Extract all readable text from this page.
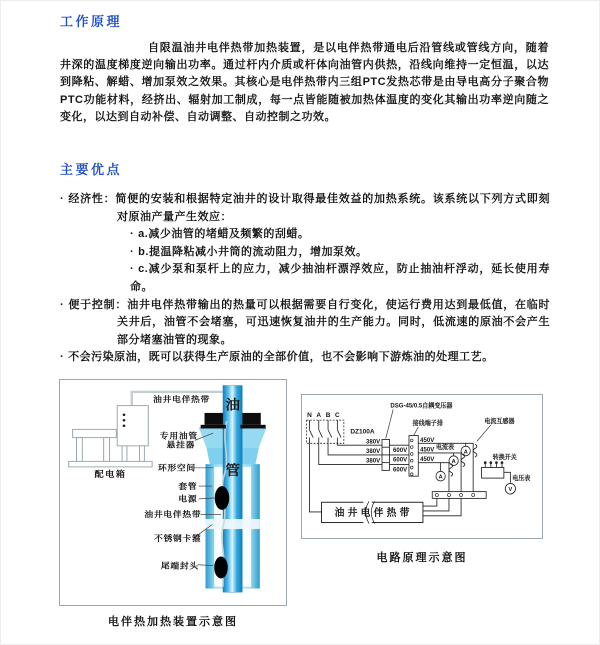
工作原理
自限温油井电伴热带加热装置，是以电伴热带通电后沿管线或管线方向，随着井深的温度梯度逆向输出功率。通过杆内介质或杆体向油管内供热，沿线向维持一定恒温，以达到降粘、解蜡、增加泵效之效果。其核心是电伴热带内三组PTC发热芯带是由导电高分子聚合物PTC功能材料，经挤出、辐射加工制成，每一点皆能随被加热体温度的变化其输出功率逆向随之变化，以达到自动补偿、自动调整、自动控制之功效。
主要优点
· 经济性：简便的安装和根据特定油井的设计取得最佳效益的加热系统。该系统以下列方式即刻对原油产量产生效应：
· a.减少油管的堵蜡及频繁的刮蜡。
· b.提温降粘减小井筒的流动阻力，增加泵效。
· c.减少泵和泵杆上的应力，减少抽油杆漂浮效应，防止抽油杆浮动，延长使用寿命。
· 便于控制：油井电伴热带输出的热量可以根据需要自行变化，使运行费用达到最低值，在临时关井后，油管不会堵塞，可迅速恢复油井的生产能力。同时，低流速的原油不会产生部分堵塞油管的现象。
· 不会污染原油，既可以获得生产原油的全部价值，也不会影响下游炼油的处理工艺。
油
管
配电箱
油井电伴热带
专用油管
悬挂器
环形空间
套管
电源
油井电伴热带
不锈钢卡箍
尾端封头
电伴热加热装置示意图
N A B C
DZ100A
380V
380V
380V
DSG-45/0.5自耦变压器
600V
600V
600V
接线端子排
450V
450V
450V
电流表
A
A
A
电流互感器
转换开关
V
电压表
油井电伴热带
电路原理示意图
